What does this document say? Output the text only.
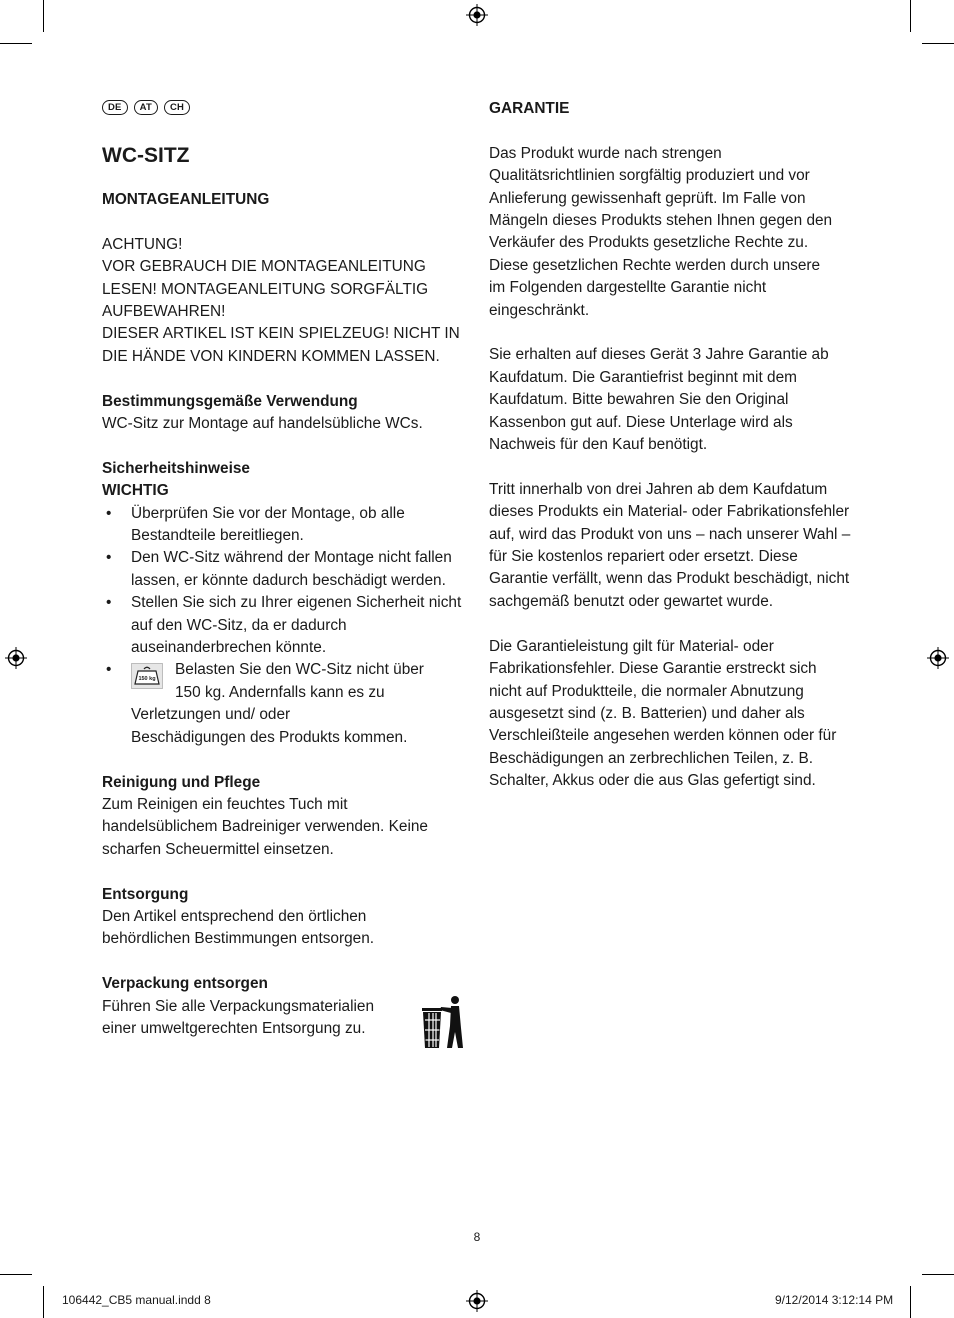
DE	AT	CH
WC-SITZ

MONTAGEANLEITUNG

ACHTUNG!

VOR GEBRAUCH DIE MONTAGEANLEITUNG

LESEN! MONTAGEANLEITUNG SORGFÄLTIG

AUFBEWAHREN!

DIESER ARTIKEL IST KEIN SPIELZEUG! NICHT IN

DIE HÄNDE VON KINDERN KOMMEN LASSEN.

Bestimmungsgemäße Verwendung

WC-Sitz zur Montage auf handelsübliche WCs.

Sicherheitshinweise

WICHTIG

• Überprüfen Sie vor der Montage, ob alle Bestandteile bereitliegen.
• Den WC-Sitz während der Montage nicht fallen lassen, er könnte dadurch beschädigt werden.
• Stellen Sie sich zu Ihrer eigenen Sicherheit nicht auf den WC-Sitz, da er dadurch auseinanderbrechen könnte.
•
150 kg

Belasten Sie den WC-Sitz nicht über

150 kg. Andernfalls kann es zu

Verletzungen und/ oder

Beschädigungen des Produkts kommen.

Reinigung und Pflege

Zum Reinigen ein feuchtes Tuch mit handelsüblichem Badreiniger verwenden. Keine scharfen Scheuermittel einsetzen.

Entsorgung

Den Artikel entsprechend den örtlichen behördlichen Bestimmungen entsorgen.

Verpackung entsorgen

Führen Sie alle Verpackungsmaterialien einer umweltgerechten Entsorgung zu.

GARANTIE

Das Produkt wurde nach strengen Qualitätsrichtlinien sorgfältig produziert und vor Anlieferung gewissenhaft geprüft. Im Falle von Mängeln dieses Produkts stehen Ihnen gegen den Verkäufer des Produkts gesetzliche Rechte zu. Diese gesetzlichen Rechte werden durch unsere im Folgenden dargestellte Garantie nicht eingeschränkt.

Sie erhalten auf dieses Gerät 3 Jahre Garantie ab Kaufdatum. Die Garantiefrist beginnt mit dem Kaufdatum. Bitte bewahren Sie den Original Kassenbon gut auf. Diese Unterlage wird als Nachweis für den Kauf benötigt.

Tritt innerhalb von drei Jahren ab dem Kaufdatum dieses Produkts ein Material- oder Fabrikationsfehler auf, wird das Produkt von uns – nach unserer Wahl – für Sie kostenlos repariert oder ersetzt. Diese Garantie verfällt, wenn das Produkt beschädigt, nicht sachgemäß benutzt oder gewartet wurde.

Die Garantieleistung gilt für Material- oder Fabrikationsfehler. Diese Garantie erstreckt sich nicht auf Produktteile, die normaler Abnutzung ausgesetzt sind (z. B. Batterien) und daher als Verschleißteile angesehen werden können oder für Beschädigungen an zerbrechlichen Teilen, z. B. Schalter, Akkus oder die aus Glas gefertigt sind.

8
106442_CB5 manual.indd 8	9/12/2014 3:12:14 PM
